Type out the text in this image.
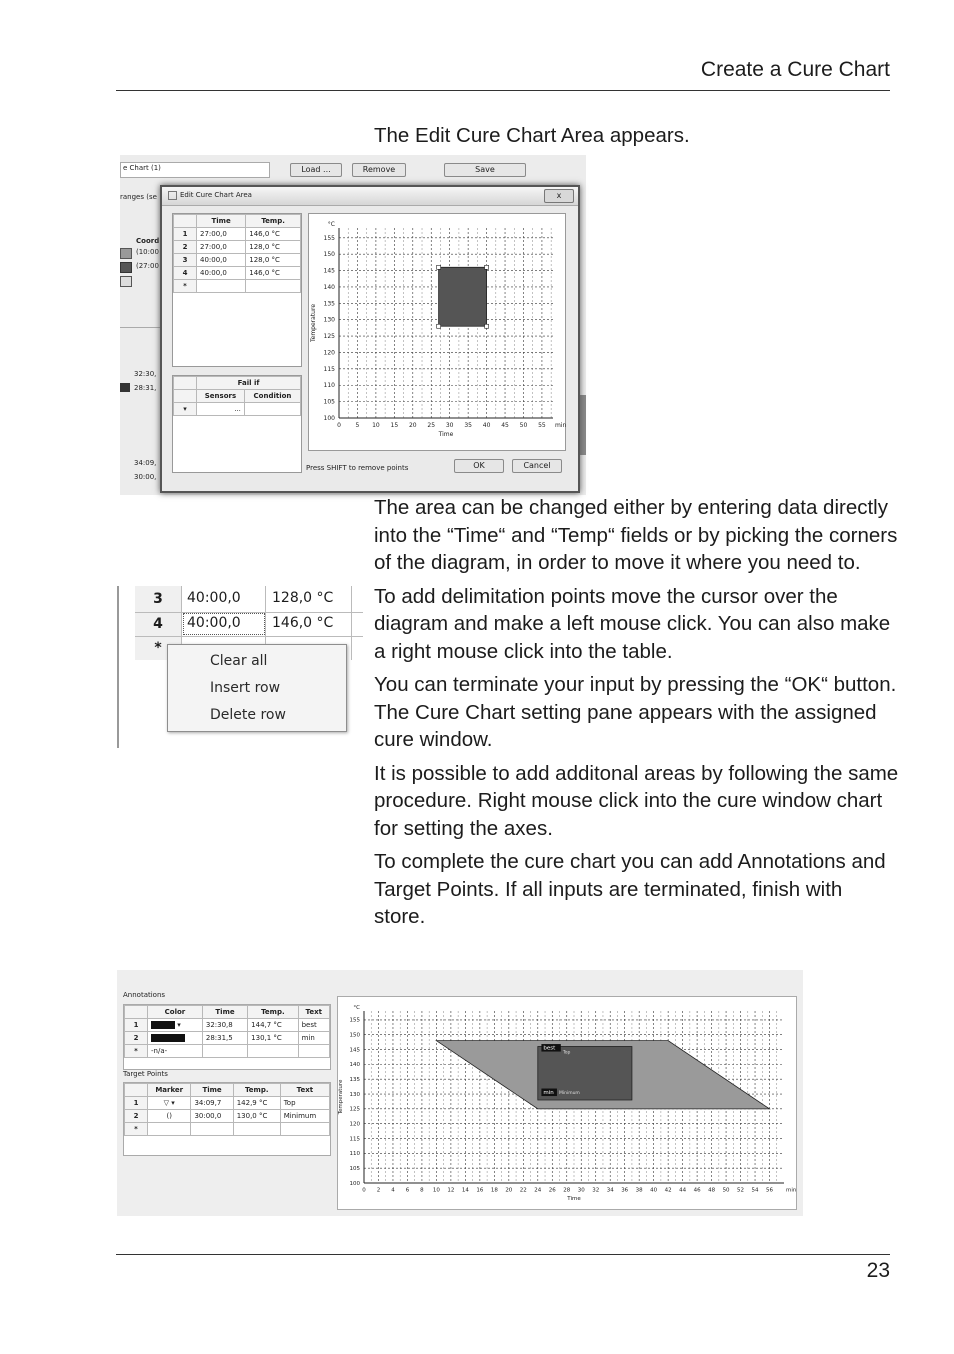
Create a Cure Chart
The Edit Cure Chart Area appears.
e Chart (1)	Load ...	Remove	Save
ranges (se
Coord
(10:00
(27:00
32:30,
28:31,
34:09,
30:00,
Edit Cure Chart Area	x
	Time	Temp.
1	27:00,0	146,0 °C
2	27:00,0	128,0 °C
3	40:00,0	128,0 °C
4	40:00,0	146,0 °C
*		
	Fail if	
	Sensors	Condition
▾	...	
0 5 10 15 20 25 30 35 40 45 50 55
100
105
110
115
120
125
130
135
140
145
150
155
°C
min
Time
Temperature
Press SHIFT to remove points	OK	Cancel
3	40:00,0 128,0 °C
4	40:00,0 146,0 °C
*
Clear all
Insert row
Delete row

The area can be changed either by entering data directly into the “Time“ and “Temp“ fields or by picking the corners of the diagram, in order to move it where you need to.

To add delimitation points move the cursor over the diagram and make a left mouse click. You can also make a right mouse click into the table.

You can terminate your input by pressing the “OK“ button. The Cure Chart setting pane appears with the assigned cure window.

It is possible to add additonal areas by following the same procedure. Right mouse click into the cure window chart for setting the axes.

To complete the cure chart you can add Annotations and Target Points. If all inputs are terminated, finish with store.

Annotations
	Color	Time	Temp.	Text
1	▾	32:30,8	144,7 °C	best
2		28:31,5	130,1 °C	min
*	-n/a-			
Target Points
	Marker	Time	Temp.	Text
1	▽ ▾	34:09,7	142,9 °C	Top
2	()	30:00,0	130,0 °C	Minimum
*				
0 2 4 6 8 10 12 14 16 18 20 22 24 26 28 30 32 34 36 38 40 42 44 46 48 50 52 54 56
100
105
110
115
120
125
130
135
140
145
150
155
°C
min
Time
Temperature
best
Top
min Minimum
23
